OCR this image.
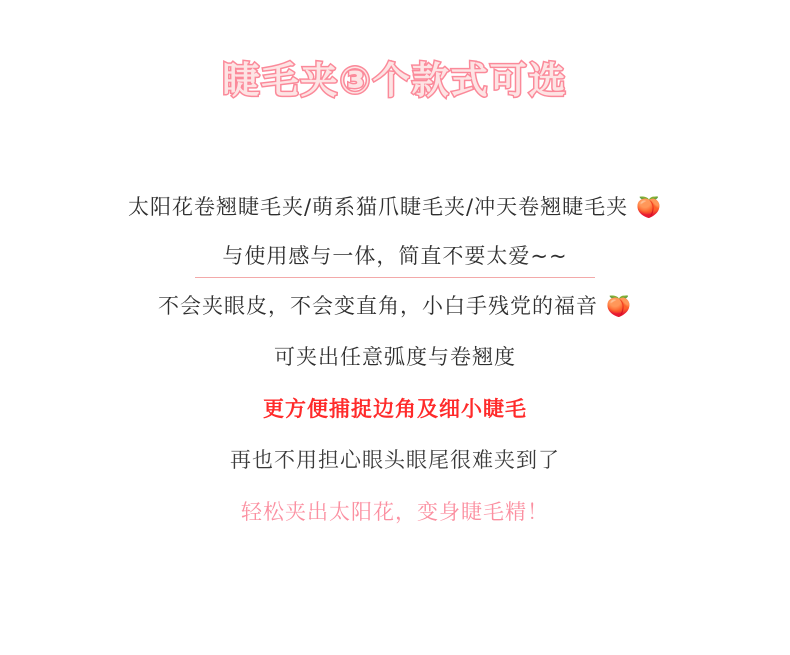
睫毛夹③个款式可选
太阳花卷翘睫毛夹/萌系猫爪睫毛夹/冲天卷翘睫毛夹 🍑
与使用感与一体，简直不要太爱~~
不会夹眼皮，不会变直角，小白手残党的福音 🍑
可夹出任意弧度与卷翘度
更方便捕捉边角及细小睫毛
再也不用担心眼头眼尾很难夹到了
轻松夹出太阳花，变身睫毛精！
